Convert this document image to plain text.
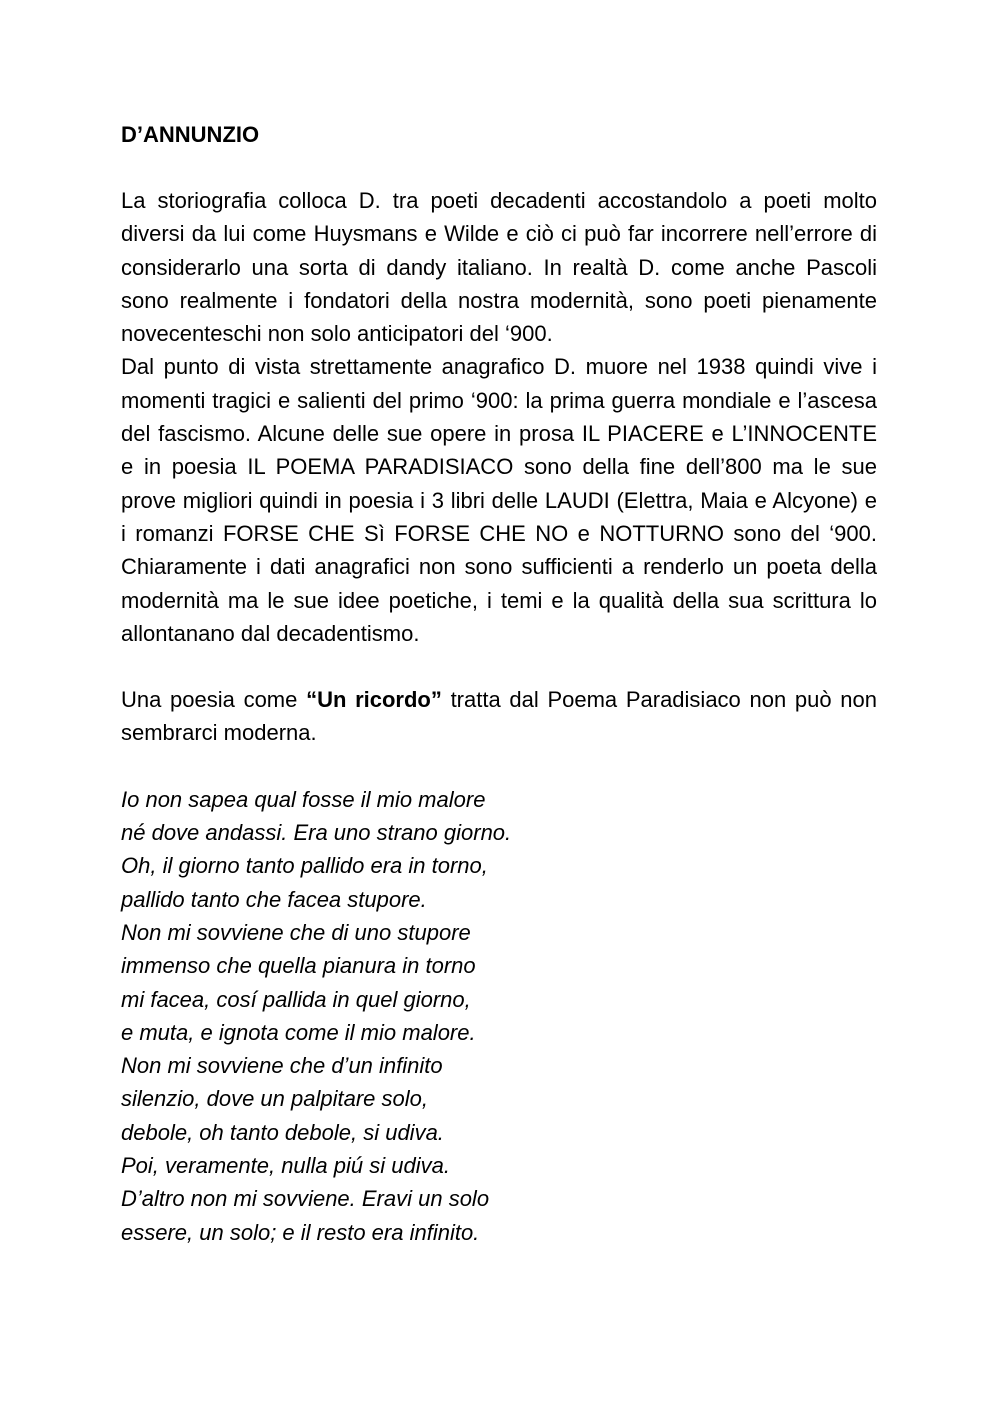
D’ANNUNZIO

La storiografia colloca D. tra poeti decadenti accostandolo a poeti molto diversi da lui come Huysmans e Wilde e ciò ci può far incorrere nell’errore di considerarlo una sorta di dandy italiano. In realtà D. come anche Pascoli sono realmente i fondatori della nostra modernità, sono poeti pienamente novecenteschi non solo anticipatori del ‘900.

Dal punto di vista strettamente anagrafico D. muore nel 1938 quindi vive i momenti tragici e salienti del primo ‘900: la prima guerra mondiale e l’ascesa del fascismo. Alcune delle sue opere in prosa IL PIACERE e L’INNOCENTE e in poesia IL POEMA PARADISIACO sono della fine dell’800 ma le sue prove migliori quindi in poesia i 3 libri delle LAUDI (Elettra, Maia e Alcyone) e i romanzi FORSE CHE Sì FORSE CHE NO e NOTTURNO sono del ‘900. Chiaramente i dati anagrafici non sono sufficienti a renderlo un poeta della modernità ma le sue idee poetiche, i temi e la qualità della sua scrittura lo allontanano dal decadentismo.

Una poesia come “Un ricordo” tratta dal Poema Paradisiaco non può non sembrarci moderna.

Io non sapea qual fosse il mio malore
né dove andassi. Era uno strano giorno.
Oh, il giorno tanto pallido era in torno,
pallido tanto che facea stupore.
Non mi sovviene che di uno stupore
immenso che quella pianura in torno
mi facea, cosí pallida in quel giorno,
e muta, e ignota come il mio malore.
Non mi sovviene che d’un infinito
silenzio, dove un palpitare solo,
debole, oh tanto debole, si udiva.
Poi, veramente, nulla piú si udiva.
D’altro non mi sovviene. Eravi un solo
essere, un solo; e il resto era infinito.
